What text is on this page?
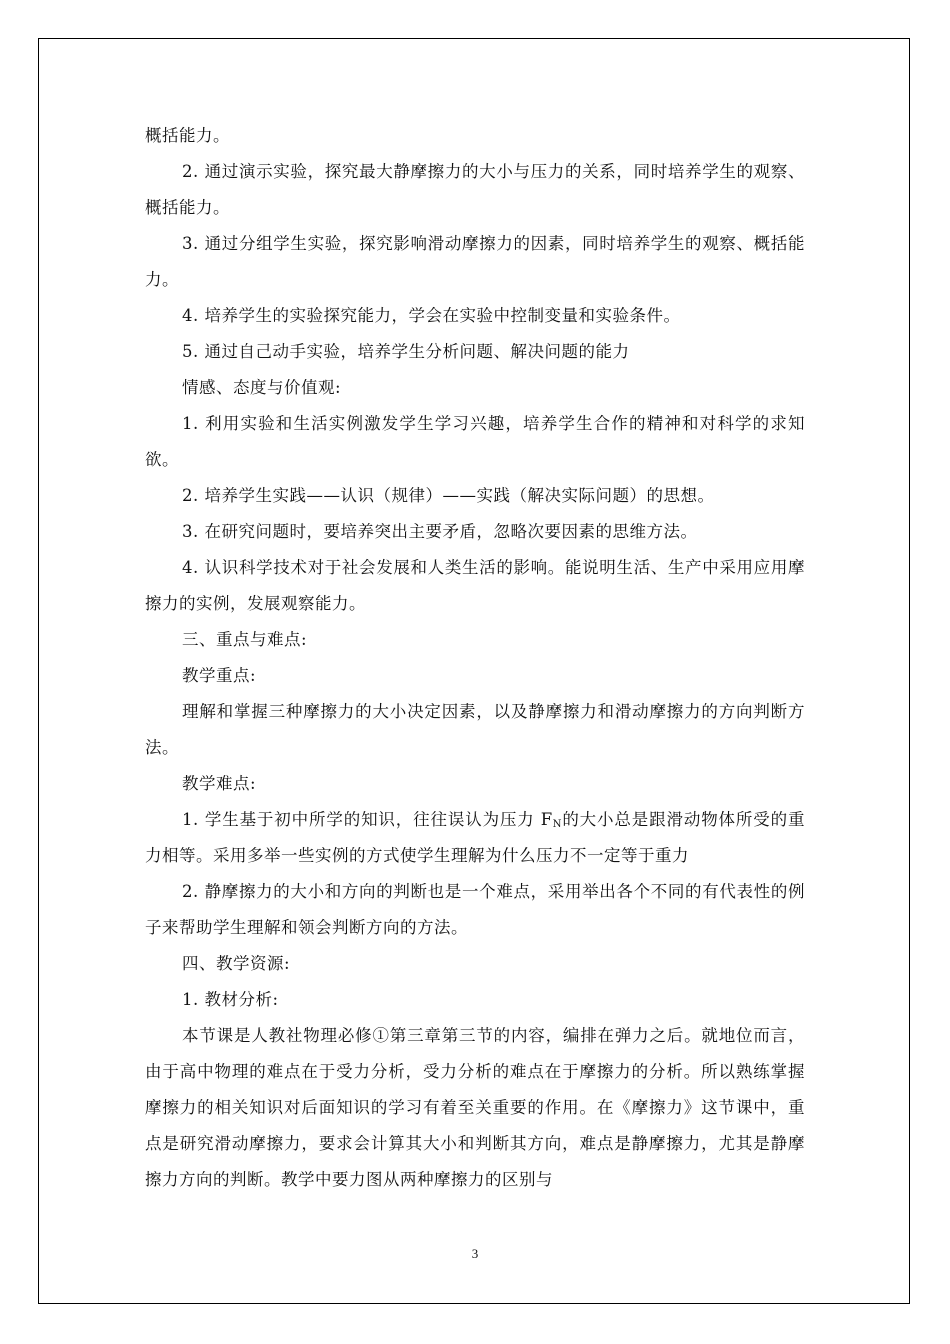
概括能力。

2. 通过演示实验，探究最大静摩擦力的大小与压力的关系，同时培养学生的观察、概括能力。

3. 通过分组学生实验，探究影响滑动摩擦力的因素，同时培养学生的观察、概括能力。

4. 培养学生的实验探究能力，学会在实验中控制变量和实验条件。

5. 通过自己动手实验，培养学生分析问题、解决问题的能力

情感、态度与价值观:

1. 利用实验和生活实例激发学生学习兴趣，培养学生合作的精神和对科学的求知欲。

2. 培养学生实践——认识（规律）——实践（解决实际问题）的思想。

3. 在研究问题时，要培养突出主要矛盾，忽略次要因素的思维方法。

4. 认识科学技术对于社会发展和人类生活的影响。能说明生活、生产中采用应用摩擦力的实例，发展观察能力。

三、重点与难点:

教学重点:

理解和掌握三种摩擦力的大小决定因素，以及静摩擦力和滑动摩擦力的方向判断方法。

教学难点:

1. 学生基于初中所学的知识，往往误认为压力 $F_N$的大小总是跟滑动物体所受的重力相等。采用多举一些实例的方式使学生理解为什么压力不一定等于重力

2. 静摩擦力的大小和方向的判断也是一个难点，采用举出各个不同的有代表性的例子来帮助学生理解和领会判断方向的方法。

四、教学资源:

1. 教材分析:

本节课是人教社物理必修①第三章第三节的内容，编排在弹力之后。就地位而言，由于高中物理的难点在于受力分析，受力分析的难点在于摩擦力的分析。所以熟练掌握摩擦力的相关知识对后面知识的学习有着至关重要的作用。在《摩擦力》这节课中，重点是研究滑动摩擦力，要求会计算其大小和判断其方向，难点是静摩擦力，尤其是静摩擦力方向的判断。教学中要力图从两种摩擦力的区别与

3
